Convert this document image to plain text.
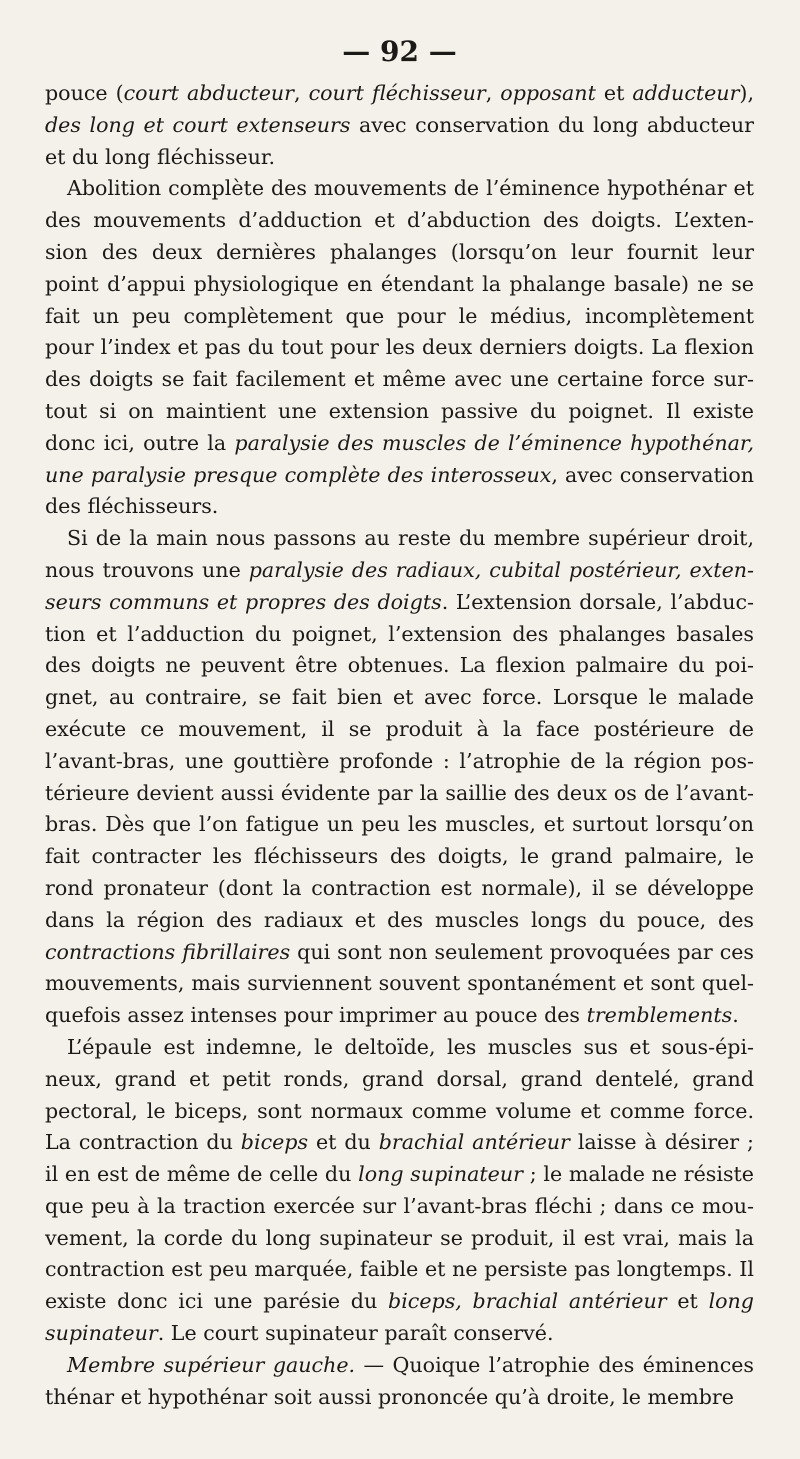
— 92 —

pouce (court abducteur, court fléchisseur, opposant et adducteur), des long et court extenseurs avec conservation du long abducteur et du long fléchisseur.

Abolition complète des mouvements de l’éminence hypothénar et des mouvements d’adduction et d’abduction des doigts. L’exten-sion des deux dernières phalanges (lorsqu’on leur fournit leur point d’appui physiologique en étendant la phalange basale) ne se fait un peu complètement que pour le médius, incomplètement pour l’index et pas du tout pour les deux derniers doigts. La flexion des doigts se fait facilement et même avec une certaine force sur-tout si on maintient une extension passive du poignet. Il existe donc ici, outre la paralysie des muscles de l’éminence hypothénar, une paralysie presque complète des interosseux, avec conservation des fléchisseurs.

Si de la main nous passons au reste du membre supérieur droit, nous trouvons une paralysie des radiaux, cubital postérieur, exten-seurs communs et propres des doigts. L’extension dorsale, l’abduc-tion et l’adduction du poignet, l’extension des phalanges basales des doigts ne peuvent être obtenues. La flexion palmaire du poi-gnet, au contraire, se fait bien et avec force. Lorsque le malade exécute ce mouvement, il se produit à la face postérieure de l’avant-bras, une gouttière profonde : l’atrophie de la région pos-térieure devient aussi évidente par la saillie des deux os de l’avant-bras. Dès que l’on fatigue un peu les muscles, et surtout lorsqu’on fait contracter les fléchisseurs des doigts, le grand palmaire, le rond pronateur (dont la contraction est normale), il se développe dans la région des radiaux et des muscles longs du pouce, des contractions fibrillaires qui sont non seulement provoquées par ces mouvements, mais surviennent souvent spontanément et sont quel-quefois assez intenses pour imprimer au pouce des tremblements.

L’épaule est indemne, le deltoïde, les muscles sus et sous-épi-neux, grand et petit ronds, grand dorsal, grand dentelé, grand pectoral, le biceps, sont normaux comme volume et comme force. La contraction du biceps et du brachial antérieur laisse à désirer ; il en est de même de celle du long supinateur ; le malade ne résiste que peu à la traction exercée sur l’avant-bras fléchi ; dans ce mou-vement, la corde du long supinateur se produit, il est vrai, mais la contraction est peu marquée, faible et ne persiste pas longtemps. Il existe donc ici une parésie du biceps, brachial antérieur et long supinateur. Le court supinateur paraît conservé.

Membre supérieur gauche. — Quoique l’atrophie des éminences thénar et hypothénar soit aussi prononcée qu’à droite, le membre
